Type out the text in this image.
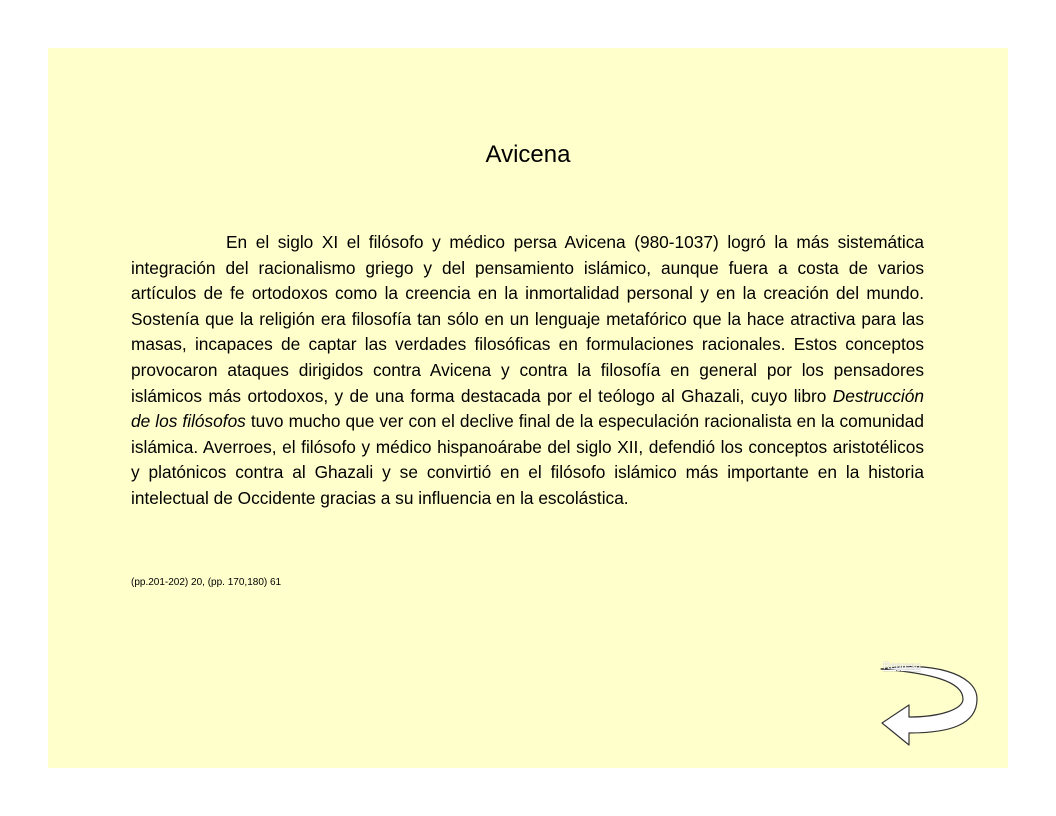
Avicena

En el siglo XI el filósofo y médico persa Avicena (980-1037) logró la más sistemática integración del racionalismo griego y del pensamiento islámico, aunque fuera a costa de varios artículos de fe ortodoxos como la creencia en la inmortalidad personal y en la creación del mundo. Sostenía que la religión era filosofía tan sólo en un lenguaje metafórico que la hace atractiva para las masas, incapaces de captar las verdades filosóficas en formulaciones racionales. Estos conceptos provocaron ataques dirigidos contra Avicena y contra la filosofía en general por los pensadores islámicos más ortodoxos, y de una forma destacada por el teólogo al Ghazali, cuyo libro Destrucción de los filósofos tuvo mucho que ver con el declive final de la especulación racionalista en la comunidad islámica. Averroes, el filósofo y médico hispanoárabe del siglo XII, defendió los conceptos aristotélicos y platónicos contra al Ghazali y se convirtió en el filósofo islámico más importante en la historia intelectual de Occidente gracias a su influencia en la escolástica.

(pp.201-202) 20, (pp. 170,180) 61

Regreso
